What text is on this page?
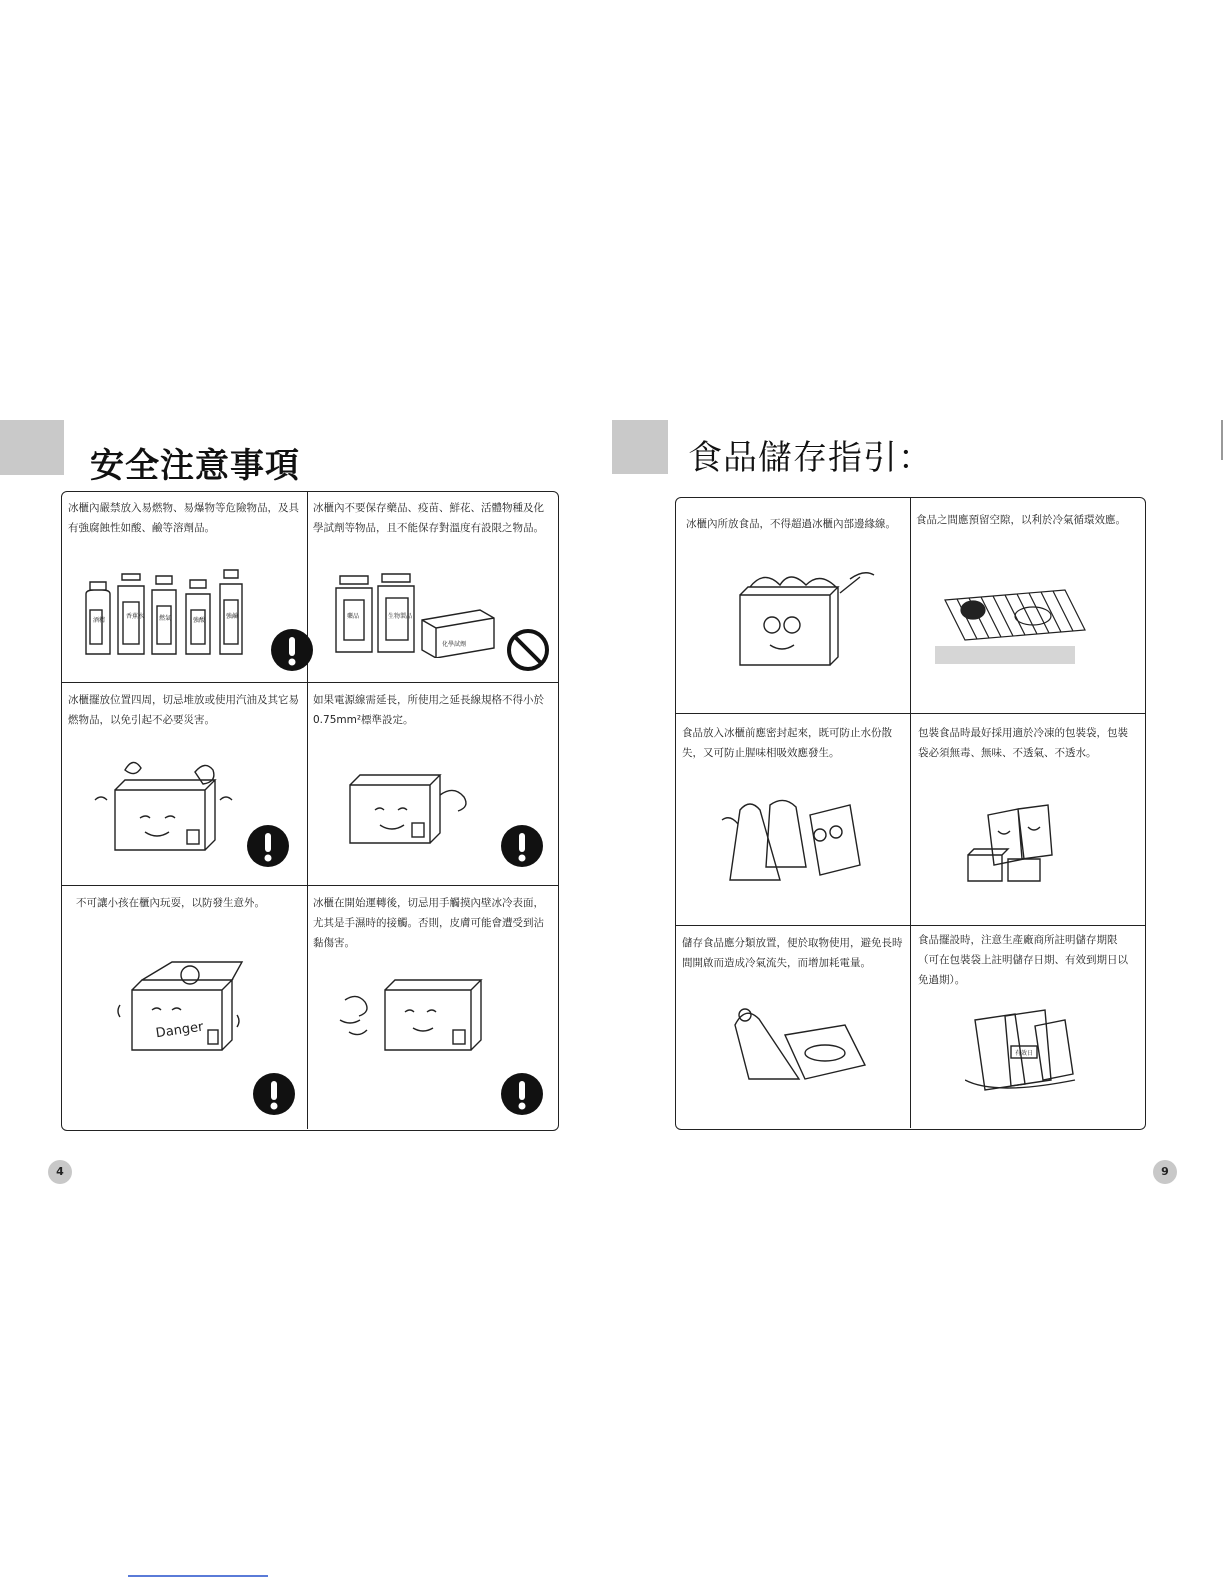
安全注意事項
冰櫃內嚴禁放入易燃物、易爆物等危險物品，及具有強腐蝕性如酸、鹼等溶劑品。
冰櫃內不要保存藥品、疫苗、鮮花、活體物種及化學試劑等物品，且不能保存對溫度有設限之物品。
冰櫃擺放位置四周，切忌堆放或使用汽油及其它易燃物品，以免引起不必要災害。
如果電源線需延長，所使用之延長線規格不得小於0.75mm²標準設定。
不可讓小孩在櫃內玩耍，以防發生意外。	冰櫃在開始運轉後，切忌用手觸摸內壁冰冷表面，尤其是手濕時的接觸。否則，皮膚可能會遭受到沾黏傷害。
酒精
香蕉水 燃氣	強酸
強鹼	藥品	生物製品
化學試劑
Danger
4
食品儲存指引：
冰櫃內所放食品，不得超過冰櫃內部邊緣線。	食品之間應預留空隙，以利於冷氣循環效應。
食品放入冰櫃前應密封起來，既可防止水份散失，又可防止腥味相吸效應發生。
包裝食品時最好採用適於冷凍的包裝袋，包裝袋必須無毒、無味、不透氣、不透水。
儲存食品應分類放置，便於取物使用，避免長時間開啟而造成冷氣流失，而增加耗電量。
食品擺設時，注意生產廠商所註明儲存期限（可在包裝袋上註明儲存日期、有效到期日以免過期）。
有效日
9
